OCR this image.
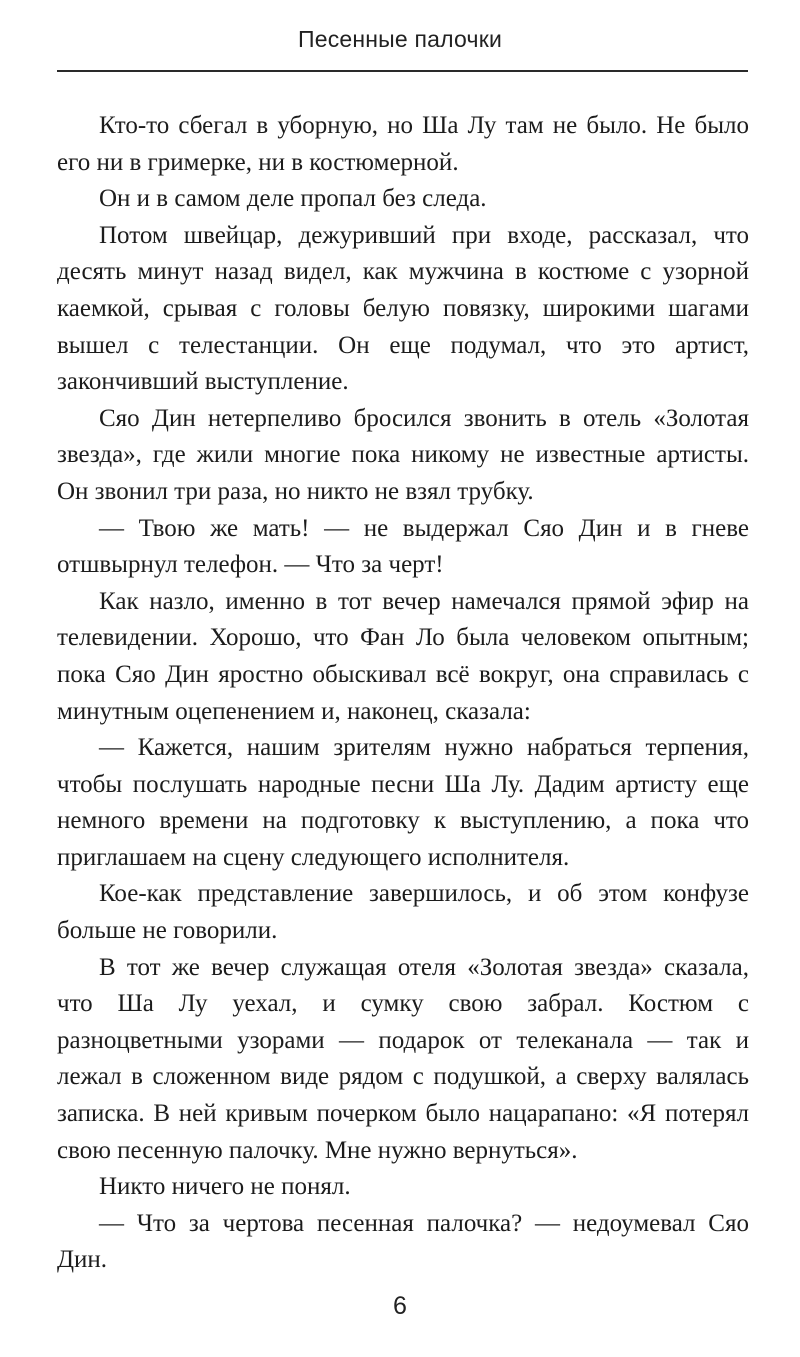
Песенные палочки

Кто-то сбегал в уборную, но Ша Лу там не было. Не было его ни в гримерке, ни в костюмерной.

Он и в самом деле пропал без следа.

Потом швейцар, дежуривший при входе, рассказал, что десять минут назад видел, как мужчина в костюме с узорной каемкой, срывая с головы белую повязку, широкими шагами вышел с телестанции. Он еще подумал, что это артист, закончивший выступление.

Сяо Дин нетерпеливо бросился звонить в отель «Золотая звезда», где жили многие пока никому не известные артисты. Он звонил три раза, но никто не взял трубку.

— Твою же мать! — не выдержал Сяо Дин и в гневе отшвырнул телефон. — Что за черт!

Как назло, именно в тот вечер намечался прямой эфир на телевидении. Хорошо, что Фан Ло была человеком опытным; пока Сяо Дин яростно обыскивал всё вокруг, она справилась с минутным оцепенением и, наконец, сказала:

— Кажется, нашим зрителям нужно набраться терпения, чтобы послушать народные песни Ша Лу. Дадим артисту еще немного времени на подготовку к выступлению, а пока что приглашаем на сцену следующего исполнителя.

Кое-как представление завершилось, и об этом конфузе больше не говорили.

В тот же вечер служащая отеля «Золотая звезда» сказала, что Ша Лу уехал, и сумку свою забрал. Костюм с разноцветными узорами — подарок от телеканала — так и лежал в сложенном виде рядом с подушкой, а сверху валялась записка. В ней кривым почерком было нацарапано: «Я потерял свою песенную палочку. Мне нужно вернуться».

Никто ничего не понял.

— Что за чертова песенная палочка? — недоумевал Сяо Дин.

6
